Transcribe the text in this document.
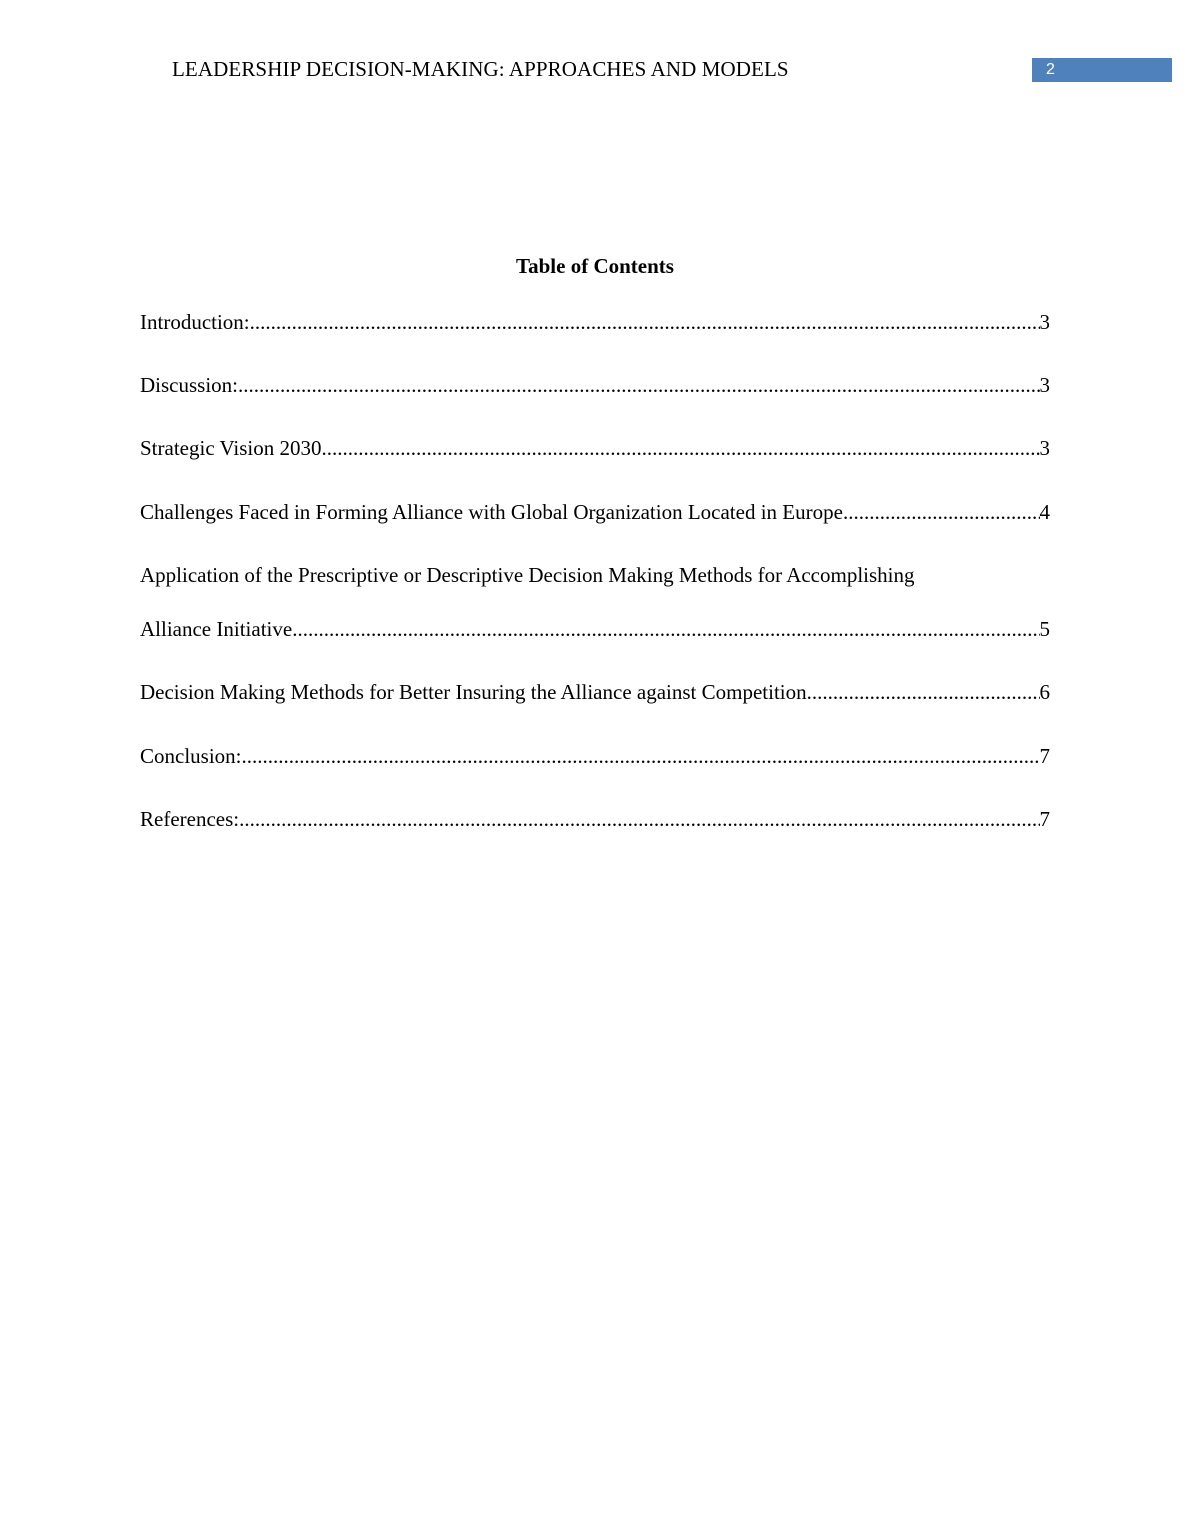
LEADERSHIP DECISION-MAKING: APPROACHES AND MODELS	2
Table of Contents
Introduction: .....	3
Discussion: .....	3
Strategic Vision 2030 .....	3
Challenges Faced in Forming Alliance with Global Organization Located in Europe .....	4
Application of the Prescriptive or Descriptive Decision Making Methods for Accomplishing
Alliance Initiative .....	5
Decision Making Methods for Better Insuring the Alliance against Competition .....	6
Conclusion: .....	7
References: .....	7
